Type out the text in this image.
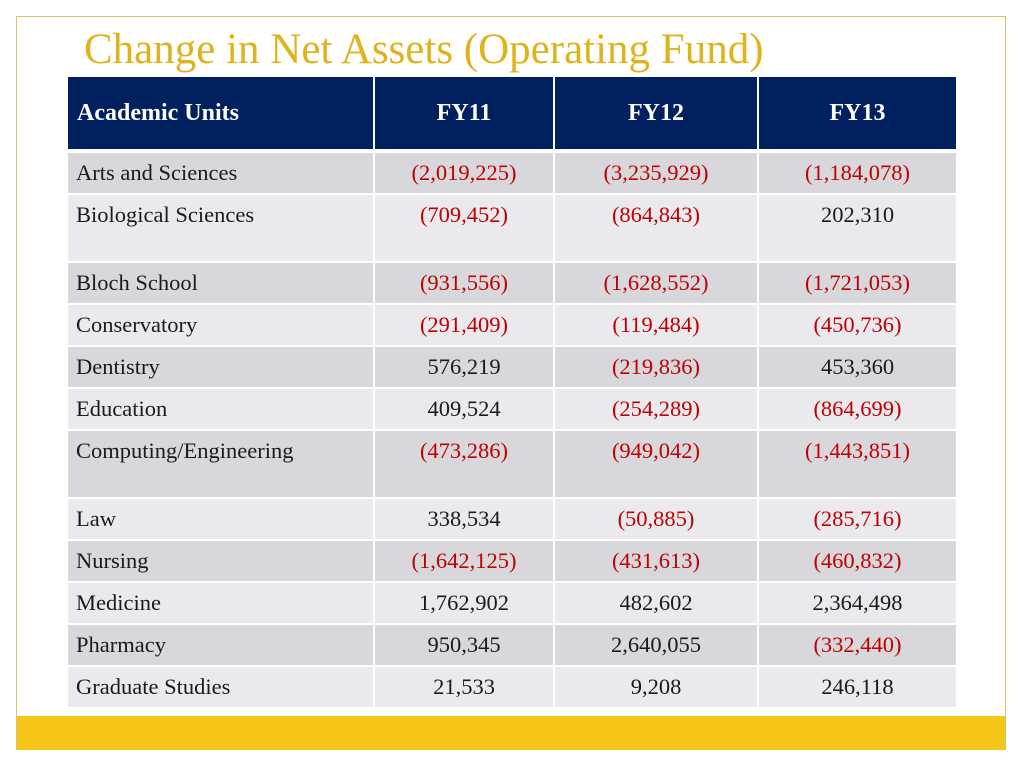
Change in Net Assets (Operating Fund)
Academic Units	FY11	FY12	FY13

Arts and Sciences	(2,019,225)	(3,235,929)	(1,184,078)
Biological Sciences	(709,452)	(864,843)	202,310
Bloch School	(931,556)	(1,628,552)	(1,721,053)
Conservatory	(291,409)	(119,484)	(450,736)
Dentistry	576,219	(219,836)	453,360
Education	409,524	(254,289)	(864,699)
Computing/Engineering	(473,286)	(949,042)	(1,443,851)
Law	338,534	(50,885)	(285,716)
Nursing	(1,642,125)	(431,613)	(460,832)
Medicine	1,762,902	482,602	2,364,498
Pharmacy	950,345	2,640,055	(332,440)
Graduate Studies	21,533	9,208	246,118
